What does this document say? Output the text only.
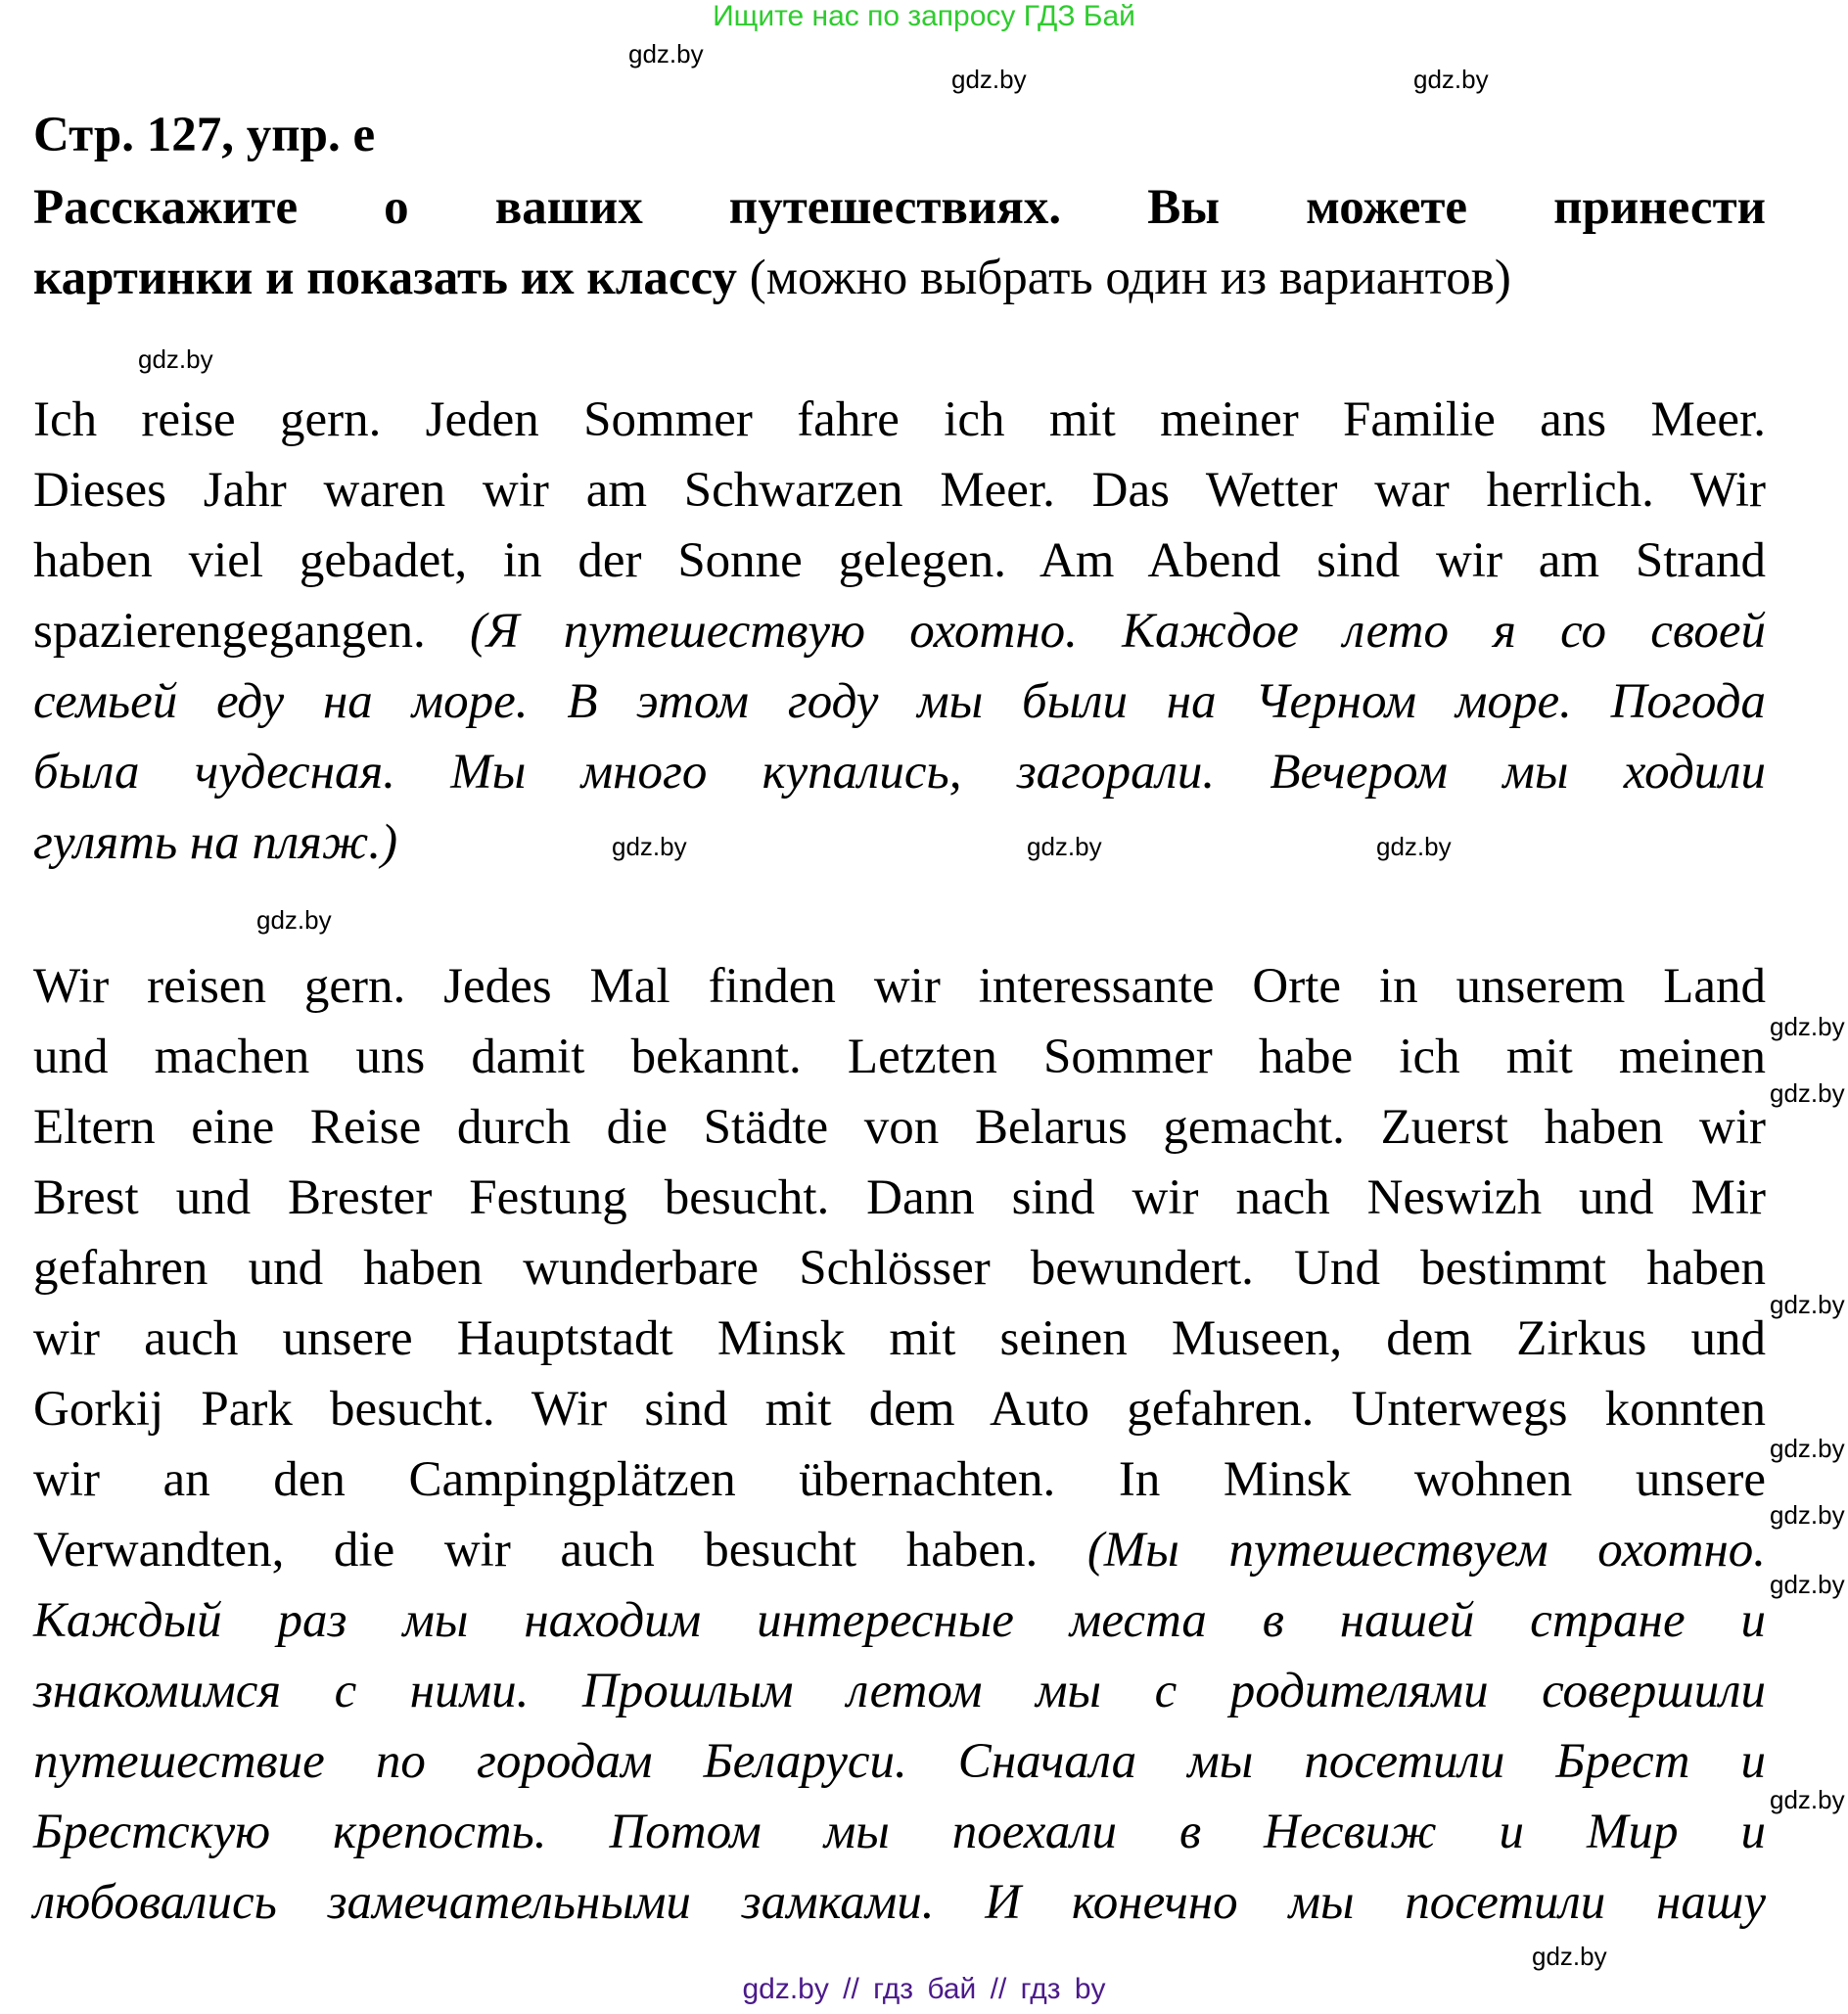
Ищите нас по запросу ГДЗ Бай
Стр. 127, упр. е
Расскажите о ваших путешествиях. Вы можете принести
картинки и показать их классу (можно выбрать один из вариантов)
Ich reise gern. Jeden Sommer fahre ich mit meiner Familie ans Meer.
Dieses Jahr waren wir am Schwarzen Meer. Das Wetter war herrlich. Wir
haben viel gebadet, in der Sonne gelegen. Am Abend sind wir am Strand
spazierengegangen. (Я путешествую охотно. Каждое лето я со своей
семьей еду на море. В этом году мы были на Черном море. Погода
была чудесная. Мы много купались, загорали. Вечером мы ходили
гулять на пляж.)
Wir reisen gern. Jedes Mal finden wir interessante Orte in unserem Land
und machen uns damit bekannt. Letzten Sommer habe ich mit meinen
Eltern eine Reise durch die Städte von Belarus gemacht. Zuerst haben wir
Brest und Brester Festung besucht. Dann sind wir nach Neswizh und Mir
gefahren und haben wunderbare Schlösser bewundert. Und bestimmt haben
wir auch unsere Hauptstadt Minsk mit seinen Museen, dem Zirkus und
Gorkij Park besucht. Wir sind mit dem Auto gefahren. Unterwegs konnten
wir an den Campingplätzen übernachten. In Minsk wohnen unsere
Verwandten, die wir auch besucht haben. (Мы путешествуем охотно.
Каждый раз мы находим интересные места в нашей стране и
знакомимся с ними. Прошлым летом мы с родителями совершили
путешествие по городам Беларуси. Сначала мы посетили Брест и
Брестскую крепость. Потом мы поехали в Несвиж и Мир и
любовались замечательными замками. И конечно мы посетили нашу
gdz.by
gdz.by	gdz.by
gdz.by
gdz.by	gdz.by	gdz.by
gdz.by
gdz.by
gdz.by
gdz.by
gdz.by
gdz.by
gdz.by
gdz.by
gdz.by
gdz.by // гдз бай // гдз by
